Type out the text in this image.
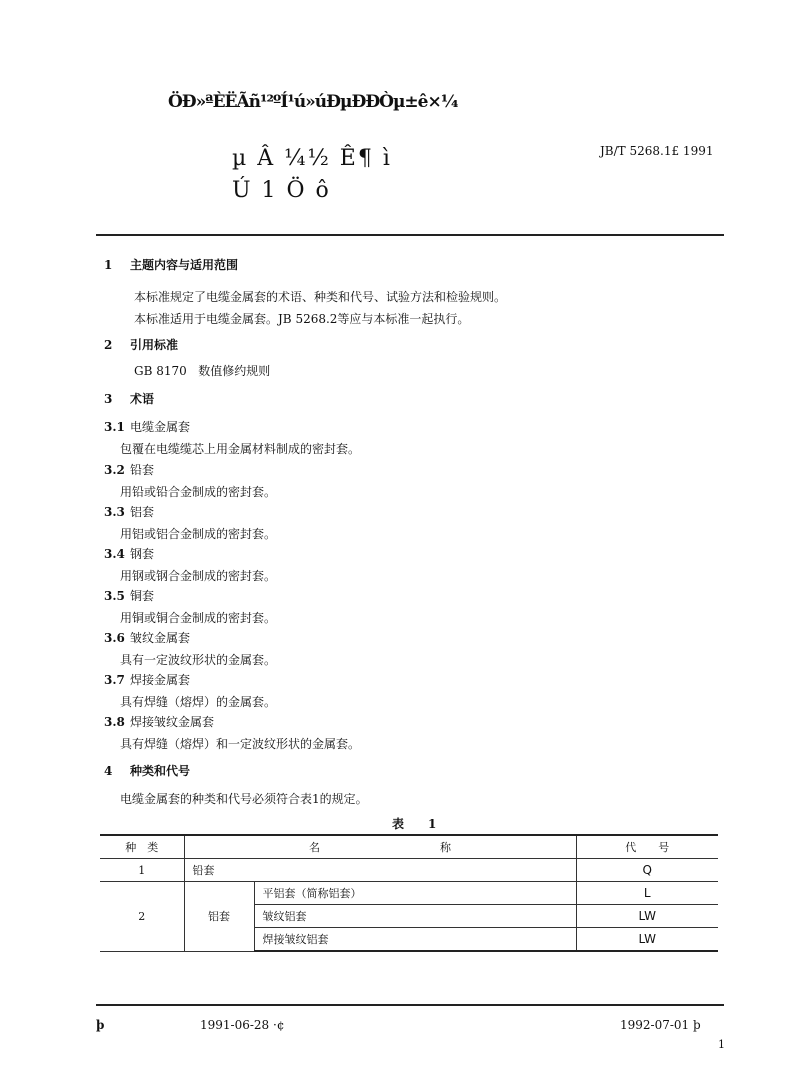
ÖÐ»ªÈËÃñ¹²ºÍ¹ú»úÐµÐÐÒµ±ê×¼
µ Â ¼½ Ê¶ ì
Ú 1 Ö ô
JB/T 5268.1£ 1991
1 主题内容与适用范围
本标准规定了电缆金属套的术语、种类和代号、试验方法和检验规则。
本标准适用于电缆金属套。JB 5268.2等应与本标准一起执行。
2 引用标准
GB 8170 数值修约规则
3 术语
3.1 电缆金属套
包覆在电缆缆芯上用金属材料制成的密封套。
3.2 铅套
用铅或铅合金制成的密封套。
3.3 铝套
用铝或铝合金制成的密封套。
3.4 钢套
用钢或钢合金制成的密封套。
3.5 铜套
用铜或铜合金制成的密封套。
3.6 皱纹金属套
具有一定波纹形状的金属套。
3.7 焊接金属套
具有焊缝（熔焊）的金属套。
3.8 焊接皱纹金属套
具有焊缝（熔焊）和一定波纹形状的金属套。
4 种类和代号
电缆金属套的种类和代号必须符合表1的规定。
表　　1
种　类	名 称		代　　号
1	铅套		Q
2	铝套	平铝套（简称铝套）	L
		皱纹铝套	LW
		焊接皱纹铝套	LW
þ	1991-06-28 ·¢	1992-07-01 þ
1
